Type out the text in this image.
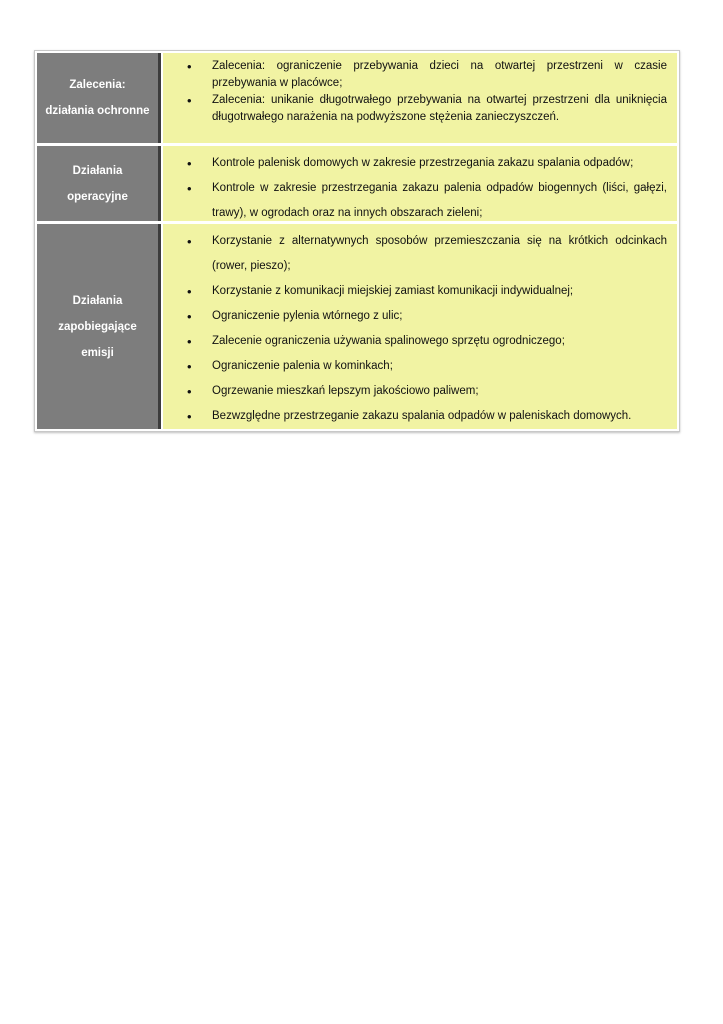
Zalecenia:
działania ochronne
• Zalecenia: ograniczenie przebywania dzieci na otwartej przestrzeni w czasie przebywania w placówce;
• Zalecenia: unikanie długotrwałego przebywania na otwartej przestrzeni dla uniknięcia długotrwałego narażenia na podwyższone stężenia zanieczyszczeń.
Działania
operacyjne
• Kontrole palenisk domowych w zakresie przestrzegania zakazu spalania odpadów;
• Kontrole w zakresie przestrzegania zakazu palenia odpadów biogennych (liści, gałęzi, trawy), w ogrodach oraz na innych obszarach zieleni;
Działania
zapobiegające
emisji
• Korzystanie z alternatywnych sposobów przemieszczania się na krótkich odcinkach (rower, pieszo);
• Korzystanie z komunikacji miejskiej zamiast komunikacji indywidualnej;
• Ograniczenie pylenia wtórnego z ulic;
• Zalecenie ograniczenia używania spalinowego sprzętu ogrodniczego;
• Ograniczenie palenia w kominkach;
• Ogrzewanie mieszkań lepszym jakościowo paliwem;
• Bezwzględne przestrzeganie zakazu spalania odpadów w paleniskach domowych.
